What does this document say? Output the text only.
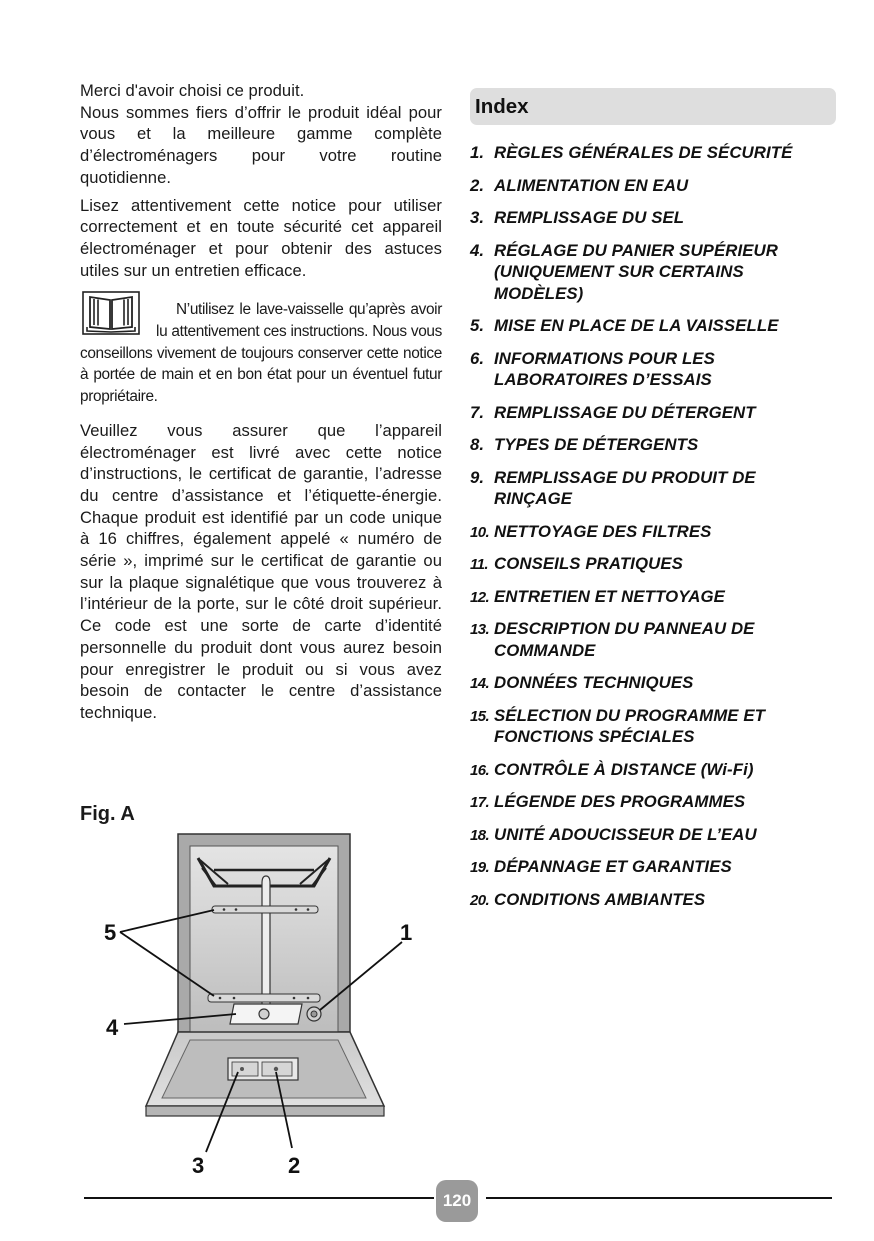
Merci d'avoir choisi ce produit.
Nous sommes fiers d’offrir le produit idéal pour vous et la meilleure gamme complète d’électroménagers pour votre routine quotidienne.

Lisez attentivement cette notice pour utiliser correctement et en toute sécurité cet appareil électroménager et pour obtenir des astuces utiles sur un entretien efficace.

N’utilisez le lave-vaisselle qu’après avoir lu attentivement ces instructions. Nous vous conseillons vivement de toujours conserver cette notice à portée de main et en bon état pour un éventuel futur propriétaire.

Veuillez vous assurer que l’appareil électroménager est livré avec cette notice d’instructions, le certificat de garantie, l’adresse du centre d’assistance et l’étiquette-énergie. Chaque produit est identifié par un code unique à 16 chiffres, également appelé « numéro de série », imprimé sur le certificat de garantie ou sur la plaque signalétique que vous trouverez à l’intérieur de la porte, sur le côté droit supérieur. Ce code est une sorte de carte d’identité personnelle du produit dont vous aurez besoin pour enregistrer le produit ou si vous avez besoin de contacter le centre d’assistance technique.

Fig. A
5	1
4
3	2
Index
1. RÈGLES GÉNÉRALES DE SÉCURITÉ
2. ALIMENTATION EN EAU
3. REMPLISSAGE DU SEL
4. RÉGLAGE DU PANIER SUPÉRIEUR (UNIQUEMENT SUR CERTAINS MODÈLES)
5. MISE EN PLACE DE LA VAISSELLE
6. INFORMATIONS POUR LES LABORATOIRES D’ESSAIS
7. REMPLISSAGE DU DÉTERGENT
8. TYPES DE DÉTERGENTS
9. REMPLISSAGE DU PRODUIT DE RINÇAGE
10. NETTOYAGE DES FILTRES
11. CONSEILS PRATIQUES
12. ENTRETIEN ET NETTOYAGE
13. DESCRIPTION DU PANNEAU DE COMMANDE
14. DONNÉES TECHNIQUES
15. SÉLECTION DU PROGRAMME ET FONCTIONS SPÉCIALES
16. CONTRÔLE À DISTANCE (Wi-Fi)
17. LÉGENDE DES PROGRAMMES
18. UNITÉ ADOUCISSEUR DE L’EAU
19. DÉPANNAGE ET GARANTIES
20. CONDITIONS AMBIANTES
120
